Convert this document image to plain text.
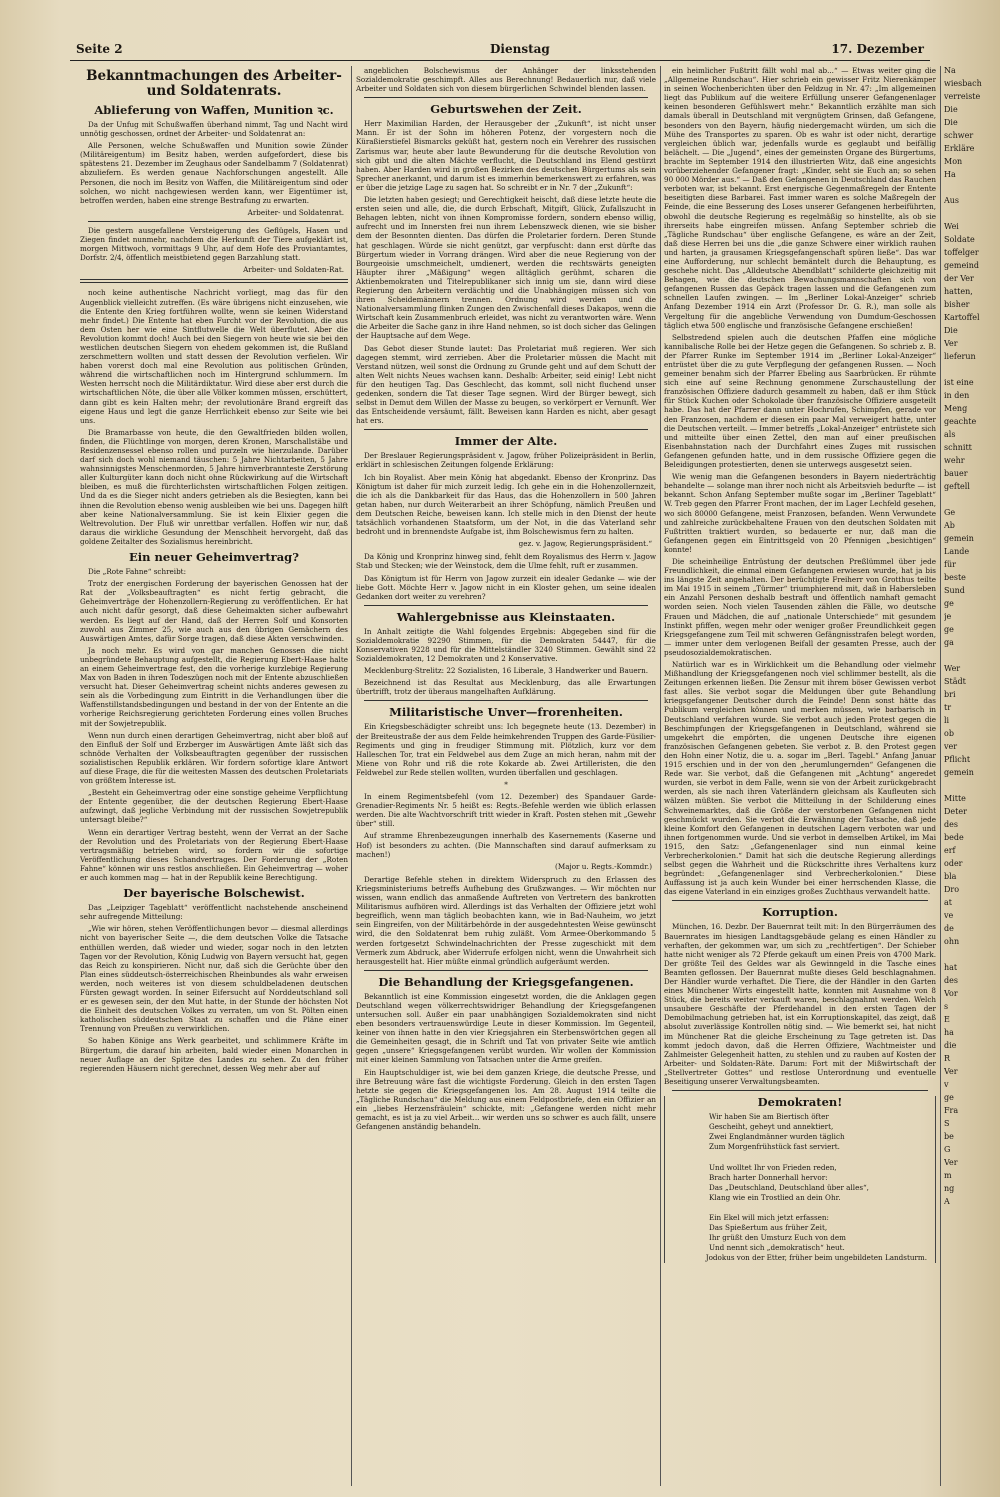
Seite 2	Dienstag	17. Dezember
Bekanntmachungen des Arbeiter- und Soldatenrats.
Ablieferung von Waffen, Munition ꝛc.

Da der Unfug mit Schußwaffen überhand nimmt, Tag und Nacht wird unnötig geschossen, ordnet der Arbeiter- und Soldatenrat an:

Alle Personen, welche Schußwaffen und Munition sowie Zünder (Militäreigentum) im Besitz haben, werden aufgefordert, diese bis spätestens 21. Dezember im Zeughaus oder Sandelbamm 7 (Soldatenrat) abzuliefern. Es werden genaue Nachforschungen angestellt. Alle Personen, die noch im Besitz von Waffen, die Militäreigentum sind oder solchen, wo nicht nachgewiesen werden kann, wer Eigentümer ist, betroffen werden, haben eine strenge Bestrafung zu erwarten.

Arbeiter- und Soldatenrat.

Die gestern ausgefallene Versteigerung des Geflügels, Hasen und Ziegen findet nunmehr, nachdem die Herkunft der Tiere aufgeklärt ist, morgen Mittwoch, vormittags 9 Uhr, auf dem Hofe des Proviantamtes, Dorfstr. 2/4, öffentlich meistbietend gegen Barzahlung statt.

Arbeiter- und Soldaten-Rat.

noch keine authentische Nachricht vorliegt, mag das für den Augenblick vielleicht zutreffen. (Es wäre übrigens nicht einzusehen, wie die Entente den Krieg fortführen wollte, wenn sie keinen Widerstand mehr findet.) Die Entente hat eben Furcht vor der Revolution, die aus dem Osten her wie eine Sintflutwelle die Welt überflutet. Aber die Revolution kommt doch! Auch bei den Siegern von heute wie sie bei den westlichen deutschen Siegern von ehedem gekommen ist, die Rußland zerschmettern wollten und statt dessen der Revolution verfielen. Wir haben vorerst doch mal eine Revolution aus politischen Gründen, während die wirtschaftlichen noch im Hintergrund schlummern. Im Westen herrscht noch die Militärdiktatur. Wird diese aber erst durch die wirtschaftlichen Nöte, die über alle Völker kommen müssen, erschüttert, dann gibt es kein Halten mehr; der revolutionäre Brand ergreift das eigene Haus und legt die ganze Herrlichkeit ebenso zur Seite wie bei uns.

Die Bramarbasse von heute, die den Gewaltfrieden bilden wollen, finden, die Flüchtlinge von morgen, deren Kronen, Marschallstäbe und Residenzensessel ebenso rollen und purzeln wie hierzulande. Darüber darf sich doch wohl niemand täuschen: 5 Jahre Nichtarbeiten, 5 Jahre wahnsinnigstes Menschenmorden, 5 Jahre hirnverbrannteste Zerstörung aller Kulturgüter kann doch nicht ohne Rückwirkung auf die Wirtschaft bleiben, es muß die fürchterlichsten wirtschaftlichen Folgen zeitigen. Und da es die Sieger nicht anders getrieben als die Besiegten, kann bei ihnen die Revolution ebenso wenig ausbleiben wie bei uns. Dagegen hilft aber keine Nationalversammlung. Sie ist kein Elixier gegen die Weltrevolution. Der Fluß wir unrettbar verfallen. Hoffen wir nur, daß daraus die wirkliche Gesundung der Menschheit hervorgeht, daß das goldene Zeitalter des Sozialismus hereinbricht.

Ein neuer Geheimvertrag?

Die „Rote Fahne“ schreibt:

Trotz der energischen Forderung der bayerischen Genossen hat der Rat der „Volksbeauftragten“ es nicht fertig gebracht, die Geheimverträge der Hohenzollern-Regierung zu veröffentlichen. Er hat auch nicht dafür gesorgt, daß diese Geheimakten sicher aufbewahrt werden. Es liegt auf der Hand, daß der Herren Solf und Konsorten zuwohl aus Zimmer 25, wie auch aus den übrigen Gemächern des Auswärtigen Amtes, dafür Sorge tragen, daß diese Akten verschwinden.

Ja noch mehr. Es wird von gar manchen Genossen die nicht unbegründete Behauptung aufgestellt, die Regierung Ebert-Haase halte an einem Geheimvertrage fest, den die vorherige kurzlebige Regierung Max von Baden in ihren Todeszügen noch mit der Entente abzuschließen versucht hat. Dieser Geheimvertrag scheint nichts anderes gewesen zu sein als die Vorbedingung zum Eintritt in die Verhandlungen über die Waffenstillstandsbedingungen und bestand in der von der Entente an die vorherige Reichsregierung gerichteten Forderung eines vollen Bruches mit der Sowjetrepublik.

Wenn nun durch einen derartigen Geheimvertrag, nicht aber bloß auf den Einfluß der Solf und Erzberger im Auswärtigen Amte läßt sich das schnöde Verhalten der Volksbeauftragten gegenüber der russischen sozialistischen Republik erklären. Wir fordern sofortige klare Antwort auf diese Frage, die für die weitesten Massen des deutschen Proletariats von größtem Interesse ist.

„Besteht ein Geheimvertrag oder eine sonstige geheime Verpflichtung der Entente gegenüber, die der deutschen Regierung Ebert-Haase aufzwingt, daß jegliche Verbindung mit der russischen Sowjetrepublik untersagt bleibe?“

Wenn ein derartiger Vertrag besteht, wenn der Verrat an der Sache der Revolution und des Proletariats von der Regierung Ebert-Haase vertragsmäßig betrieben wird, so fordern wir die sofortige Veröffentlichung dieses Schandvertrages. Der Forderung der „Roten Fahne“ können wir uns restlos anschließen. Ein Geheimvertrag — woher er auch kommen mag — hat in der Republik keine Berechtigung.

Der bayerische Bolschewist.

Das „Leipziger Tageblatt“ veröffentlicht nachstehende anscheinend sehr aufregende Mitteilung:

„Wie wir hören, stehen Veröffentlichungen bevor — diesmal allerdings nicht von bayerischer Seite —, die dem deutschen Volke die Tatsache enthüllen werden, daß wieder und wieder, sogar noch in den letzten Tagen vor der Revolution, König Ludwig von Bayern versucht hat, gegen das Reich zu konspirieren. Nicht nur, daß sich die Gerüchte über den Plan eines süddeutsch-österreichischen Rheinbundes als wahr erweisen werden, noch weiteres ist von diesem schuldbeladenen deutschen Fürsten gewagt worden. In seiner Eifersucht auf Norddeutschland soll er es gewesen sein, der den Mut hatte, in der Stunde der höchsten Not die Einheit des deutschen Volkes zu verraten, um von St. Pölten einen katholischen süddeutschen Staat zu schaffen und die Pläne einer Trennung von Preußen zu verwirklichen.

So haben Könige ans Werk gearbeitet, und schlimmere Kräfte im Bürgertum, die darauf hin arbeiten, bald wieder einen Monarchen in neuer Auflage an der Spitze des Landes zu sehen. Zu den früher regierenden Häusern nicht gerechnet, dessen Weg mehr aber auf

angeblichen Bolschewismus der Anhänger der linksstehenden Sozialdemokratie geschimpft. Alles aus Berechnung! Bedauerlich nur, daß viele Arbeiter und Soldaten sich von diesem bürgerlichen Schwindel blenden lassen.

Geburtswehen der Zeit.

Herr Maximilian Harden, der Herausgeber der „Zukunft“, ist nicht unser Mann. Er ist der Sohn im höheren Potenz, der vorgestern noch die Küraßierstiefel Bismarcks geküßt hat, gestern noch ein Verehrer des russischen Zarismus war, heute aber laute Bewunderung für die deutsche Revolution von sich gibt und die alten Mächte verflucht, die Deutschland ins Elend gestürzt haben. Aber Harden wird in großen Bezirken des deutschen Bürgertums als sein Sprecher anerkannt, und darum ist es immerhin bemerkenswert zu erfahren, was er über die jetzige Lage zu sagen hat. So schreibt er in Nr. 7 der „Zukunft“:

Die letzten haben gesiegt; und Gerechtigkeit heischt, daß diese letzte heute die ersten seien und alle, die, die durch Erbschaft, Mitgift, Glück, Zufallszucht in Behagen lebten, nicht von ihnen Kompromisse fordern, sondern ebenso willig, aufrecht und im Innersten frei nun ihrem Lebenszweck dienen, wie sie bisher dem der Besonnten dienten. Das dürfen die Proletarier fordern. Deren Stunde hat geschlagen. Würde sie nicht genützt, gar verpfuscht: dann erst dürfte das Bürgertum wieder in Vorrang drängen. Wird aber die neue Regierung von der Bourgeoisie umschmeichelt, umdienert, werden die rechtswärts geneigten Häupter ihrer „Mäßigung“ wegen alltäglich gerühmt, scharen die Aktienbemokraten und Titelrepublikaner sich innig um sie, dann wird diese Regierung den Arbeitern verdächtig und die Unabhängigen müssen sich von ihren Scheidemännern trennen. Ordnung wird werden und die Nationalversammlung flinken Zungen den Zwischenfall dieses Dakapos, wenn die Wirtschaft kein Zusammenbruch erleidet, was nicht zu verantworten wäre. Wenn die Arbeiter die Sache ganz in ihre Hand nehmen, so ist doch sicher das Gelingen der Hauptsache auf dem Wege.

Das Gebot dieser Stunde lautet: Das Proletariat muß regieren. Wer sich dagegen stemmt, wird zerrieben. Aber die Proletarier müssen die Macht mit Verstand nützen, weil sonst die Ordnung zu Grunde geht und auf dem Schutt der alten Welt nichts Neues wachsen kann. Deshalb: Arbeiter, seid einig! Lebt nicht für den heutigen Tag. Das Geschlecht, das kommt, soll nicht fluchend unser gedenken, sondern die Tat dieser Tage segnen. Wird der Bürger bewegt, sich selbst in Demut dem Willen der Masse zu beugen, so verkörpert er Vernunft. Wer das Entscheidende versäumt, fällt. Beweisen kann Harden es nicht, aber gesagt hat ers.

Immer der Alte.

Der Breslauer Regierungspräsident v. Jagow, früher Polizeipräsident in Berlin, erklärt in schlesischen Zeitungen folgende Erklärung:

Ich bin Royalist. Aber mein König hat abgedankt. Ebenso der Kronprinz. Das Königtum ist daher für mich zurzeit ledig. Ich gehe ein in die Hohenzollernzeit, die ich als die Dankbarkeit für das Haus, das die Hohenzollern in 500 Jahren getan haben, nur durch Weiterarbeit an ihrer Schöpfung, nämlich Preußen und dem Deutschen Reiche, beweisen kann. Ich stelle mich in den Dienst der heute tatsächlich vorhandenen Staatsform, um der Not, in die das Vaterland sehr bedroht und in brennendste Aufgabe ist, ihm Bolschewismus fern zu halten.

gez. v. Jagow, Regierungspräsident.“

Da König und Kronprinz hinweg sind, fehlt dem Royalismus des Herrn v. Jagow Stab und Stecken; wie der Weinstock, dem die Ulme fehlt, ruft er zusammen.

Das Königtum ist für Herrn von Jagow zurzeit ein idealer Gedanke — wie der liebe Gott. Möchte Herr v. Jagow nicht in ein Kloster gehen, um seine idealen Gedanken dort weiter zu verehren?

Wahlergebnisse aus Kleinstaaten.

In Anhalt zeitigte die Wahl folgendes Ergebnis: Abgegeben sind für die Sozialdemokratie 92290 Stimmen, für die Demokraten 54447, für die Konservativen 9228 und für die Mittelständler 3240 Stimmen. Gewählt sind 22 Sozialdemokraten, 12 Demokraten und 2 Konservative.

Mecklenburg-Strelitz: 22 Sozialisten, 16 Liberale, 3 Handwerker und Bauern.

Bezeichnend ist das Resultat aus Mecklenburg, das alle Erwartungen übertrifft, trotz der überaus mangelhaften Aufklärung.

Militaristische Unver—frorenheiten.

Ein Kriegsbeschädigter schreibt uns: Ich begegnete heute (13. Dezember) in der Breiteustraße der aus dem Felde heimkehrenden Truppen des Garde-Füsilier-Regiments und ging in freudiger Stimmung mit. Plötzlich, kurz vor dem Halleschen Tor, trat ein Feldwebel aus dem Zuge an mich heran, nahm mit der Miene von Rohr und riß die rote Kokarde ab. Zwei Artilleristen, die den Feldwebel zur Rede stellen wollten, wurden überfallen und geschlagen.

*

In einem Regimentsbefehl (vom 12. Dezember) des Spandauer Garde-Grenadier-Regiments Nr. 5 heißt es: Regts.-Befehle werden wie üblich erlassen werden. Die alte Wachtvorschrift tritt wieder in Kraft. Posten stehen mit „Gewehr über“ still.

Auf stramme Ehrenbezeugungen innerhalb des Kasernements (Kaserne und Hof) ist besonders zu achten. (Die Mannschaften sind darauf aufmerksam zu machen!)

(Major u. Regts.-Kommdr.)

Derartige Befehle stehen in direktem Widerspruch zu den Erlassen des Kriegsministeriums betreffs Aufhebung des Grußzwanges. — Wir möchten nur wissen, wann endlich das anmaßende Auftreten von Vertretern des bankrotten Militarismus aufhören wird. Allerdings ist das Verhalten der Offiziere jetzt wohl begreiflich, wenn man täglich beobachten kann, wie in Bad-Nauheim, wo jetzt sein Eingreifen, von der Militärbehörde in der ausgedehntesten Weise gewünscht wird, die den Soldatenrat bem ruhig zuläßt. Vom Armee-Oberkommando 5 werden fortgesetzt Schwindelnachrichten der Presse zugeschickt mit dem Vermerk zum Abdruck, aber Widerrufe erfolgen nicht, wenn die Unwahrheit sich herausgestellt hat. Hier müßte einmal gründlich aufgeräumt werden.

Die Behandlung der Kriegsgefangenen.

Bekanntlich ist eine Kommission eingesetzt worden, die die Anklagen gegen Deutschland wegen völkerrechtswidriger Behandlung der Kriegsgefangenen untersuchen soll. Außer ein paar unabhängigen Sozialdemokraten sind nicht eben besonders vertrauenswürdige Leute in dieser Kommission. Im Gegenteil, keiner von ihnen hatte in den vier Kriegsjahren ein Sterbenswörtchen gegen all die Gemeinheiten gesagt, die in Schrift und Tat von privater Seite wie amtlich gegen „unsere“ Kriegsgefangenen verübt wurden. Wir wollen der Kommission mit einer kleinen Sammlung von Tatsachen unter die Arme greifen.

Ein Hauptschuldiger ist, wie bei dem ganzen Kriege, die deutsche Presse, und ihre Betreuung wäre fast die wichtigste Forderung. Gleich in den ersten Tagen hetzte sie gegen die Kriegsgefangenen los. Am 28. August 1914 teilte die „Tägliche Rundschau“ die Meldung aus einem Feldpostbriefe, den ein Offizier an ein „liebes Herzensfräulein“ schickte, mit: „Gefangene werden nicht mehr gemacht, es ist ja zu viel Arbeit... wir werden uns so schwer es auch fällt, unsere Gefangenen anständig behandeln.

ein heimlicher Fußtritt fällt wohl mal ab...“ — Etwas weiter ging die „Allgemeine Rundschau“. Hier schrieb ein gewisser Fritz Nierenkämper in seinen Wochenberichten über den Feldzug in Nr. 47: „Im allgemeinen liegt das Publikum auf die weitere Erfüllung unserer Gefangenenlager keinen besonderen Gefühlswert mehr.“ Bekanntlich erzählte man sich damals überall in Deutschland mit vergnügtem Grinsen, daß Gefangene, besonders von den Bayern, häufig niedergemacht würden, um sich die Mühe des Transportes zu sparen. Ob es wahr ist oder nicht, derartige vergleichen üblich war, jedenfalls wurde es geglaubt und beifällig belächelt. — Die „Jugend“, eines der gemeinsten Organe des Bürgertums, brachte im September 1914 den illustrierten Witz, daß eine angesichts vorüberziehender Gefangener fragt: „Kinder, seht sie Euch an; so sehen 90 000 Mörder aus.“ — Daß den Gefangenen in Deutschland das Rauchen verboten war, ist bekannt. Erst energische Gegenmaßregeln der Entente beseitigten diese Barbarei. Fast immer waren es solche Maßregeln der Feinde, die eine Besserung des Loses unserer Gefangenen herbeiführten, obwohl die deutsche Regierung es regelmäßig so hinstellte, als ob sie ihrerseits habe eingreifen müssen. Anfang September schrieb die „Tägliche Rundschau“ über englische Gefangene, es wäre an der Zeit, daß diese Herren bei uns die „die ganze Schwere einer wirklich rauhen und harten, ja grausamen Kriegsgefangenschaft spüren ließe“. Das war eine Aufforderung, nur schlecht bemäntelt durch die Behauptung, es geschehe nicht. Das „Alldeutsche Abendblatt“ schilderte gleichzeitig mit Behagen, wie die deutschen Bewachungsmannschaften sich von gefangenen Russen das Gepäck tragen lassen und die Gefangenen zum schnellen Laufen zwingen. — Im „Berliner Lokal-Anzeiger“ schrieb Anfang Dezember 1914 ein Arzt (Professor Dr. G. R.), man solle als Vergeltung für die angebliche Verwendung von Dumdum-Geschossen täglich etwa 500 englische und französische Gefangene erschießen!

Selbstredend spielen auch die deutschen Pfaffen eine mögliche kannibalische Rolle bei der Hetze gegen die Gefangenen. So schrieb z. B. der Pfarrer Runke im September 1914 im „Berliner Lokal-Anzeiger“ entrüstet über die zu gute Verpflegung der gefangenen Russen. — Noch gemeiner benahm sich der Pfarrer Ebeling aus Saarbrücken. Er rühmte sich eine auf seine Rechnung genommene Zurschaustellung der französischen Offiziere dadurch gesammelt zu haben, daß er ihm Stück für Stück Kuchen oder Schokolade über französische Offiziere ausgeteilt habe. Das hat der Pfarrer dann unter Hochrufen, Schimpfen, gerade vor den Franzosen, nachdem er diesen ein paar Mal verweigert hatte, unter die Deutschen verteilt. — Immer betreffs „Lokal-Anzeiger“ entrüstete sich und mitteilte über einen Zettel, den man auf einer preußischen Eisenbahnstation nach der Durchfahrt eines Zuges mit russischen Gefangenen gefunden hatte, und in dem russische Offiziere gegen die Beleidigungen protestierten, denen sie unterwegs ausgesetzt seien.

Wie wenig man die Gefangenen besonders in Bayern niederträchtig behandelte — solange man ihrer noch nicht als Arbeitsvieh bedurfte — ist bekannt. Schon Anfang September mußte sogar im „Berliner Tageblatt“ W. Treb gegen den Pfarrer Front machen, der im Lager Lechfeld gesehen, wo sich 80000 Gefangene, meist Franzosen, befanden. Wenn Verwundete und zahlreiche zurückbehaltene Frauen von den deutschen Soldaten mit Fußtritten traktiert wurden, so bedauerte er nur, daß man die Gefangenen gegen ein Eintrittsgeld von 20 Pfennigen „besichtigen“ konnte!

Die scheinheilige Entrüstung der deutschen Preßlümmel über jede Freundlichkeit, die einmal einem Gefangenen erwiesen wurde, hat ja bis ins längste Zeit angehalten. Der berüchtigte Freiherr von Grotthus teilte im Mai 1915 in seinem „Türmer“ triumphierend mit, daß in Habersleben ein Anzahl Personen deshalb bestraft und öffentlich namhaft gemacht worden seien. Noch vielen Tausenden zählen die Fälle, wo deutsche Frauen und Mädchen, die auf „nationale Unterschiede“ mit gesundem Instinkt pfiffen, wegen mehr oder weniger großer Freundlichkeit gegen Kriegsgefangene zum Teil mit schweren Gefängnisstrafen belegt worden, — immer unter dem verlogenen Beifall der gesamten Presse, auch der pseudosozialdemokratischen.

Natürlich war es in Wirklichkeit um die Behandlung oder vielmehr Mißhandlung der Kriegsgefangenen noch viel schlimmer bestellt, als die Zeitungen erkennen ließen. Die Zensur mit ihrem böser Gewissen verbot fast alles. Sie verbot sogar die Meldungen über gute Behandlung kriegsgefangener Deutscher durch die Feinde! Denn sonst hätte das Publikum vergleichen können und merken müssen, wie barbarisch in Deutschland verfahren wurde. Sie verbot auch jeden Protest gegen die Beschimpfungen der Kriegsgefangenen in Deutschland, während sie umgekehrt die empörten, die ungenen Deutsche ihre eigenen französischen Gefangenen gebeten. Sie verbot z. B. den Protest gegen den Hohn einer Notiz, die u. a. sogar im „Berl. Tagebl.“ Anfang Januar 1915 erschien und in der von den „herumlungernden“ Gefangenen die Rede war. Sie verbot, daß die Gefangenen mit „Achtung“ angeredet wurden, sie verbot in dem Falle, wenn sie von der Arbeit zurückgebracht werden, als sie nach ihren Vaterländern gleichsam als Kaufleuten sich wälzen müßten. Sie verbot die Mitteilung in der Schilderung eines Schweinemarktes, daß die Größe der verstorbenen Gefangenen nicht geschmückt wurden. Sie verbot die Erwähnung der Tatsache, daß jede kleine Komfort den Gefangenen in deutschen Lagern verboten war und ihnen fortgenommen wurde. Und sie verbot in demselben Artikel, im Mai 1915, den Satz: „Gefangenenlager sind nun einmal keine Verbrecherkolonien.“ Damit hat sich die deutsche Regierung allerdings selbst gegen die Wahrheit und die Rückschritte ihres Verhaltens kurz begründet: „Gefangenenlager sind Verbrecherkolonien.“ Diese Auffassung ist ja auch kein Wunder bei einer herrschenden Klasse, die das eigene Vaterland in ein einziges großes Zuchthaus verwandelt hatte.

Korruption.

München, 16. Dezbr. Der Bauernrat teilt mit: In den Bürgerräumen des Bauernrates im hiesigen Landtagsgebäude gelang es einen Händler zu verhaften, der gekommen war, um sich zu „rechtfertigen“. Der Schieber hatte nicht weniger als 72 Pferde gekauft um einen Preis von 4700 Mark. Der größte Teil des Geldes war als Gewinngeld in die Tasche eines Beamten geflossen. Der Bauernrat mußte dieses Geld beschlagnahmen. Der Händler wurde verhaftet. Die Tiere, die der Händler in den Garten eines Münchener Wirts eingestellt hatte, konnten mit Ausnahme von 8 Stück, die bereits weiter verkauft waren, beschlagnahmt werden. Welch unsaubere Geschäfte der Pferdehandel in den ersten Tagen der Demobilmachung getrieben hat, ist ein Korruptionskapitel, das zeigt, daß absolut zuverlässige Kontrollen nötig sind. — Wie bemerkt sei, hat nicht im Münchener Rat die gleiche Erscheinung zu Tage getreten ist. Das kommt jedoch davon, daß die Herren Offiziere, Wachtmeister und Zahlmeister Gelegenheit hatten, zu stehlen und zu rauben auf Kosten der Arbeiter- und Soldaten-Räte. Darum: Fort mit der Mißwirtschaft der „Stellvertreter Gottes“ und restlose Unterordnung und eventuelle Beseitigung unserer Verwaltungsbeamten.

Demokraten!

Wir haben Sie am Biertisch öfter

Gescheiht, geheyt und annektiert,

Zwei Englandmänner wurden täglich

Zum Morgenfrühstück fast serviert.

Und wolltet Ihr von Frieden reden,

Brach harter Donnerhall hervor:

Das „Deutschland, Deutschland über alles“,

Klang wie ein Trostlied an dein Ohr.

Ein Ekel will mich jetzt erfassen:

Das Spießertum aus früher Zeit,

Ihr grüßt den Umsturz Euch von dem

Und nennt sich „demokratisch“ heut.

Jodokus von der Etter, früher beim ungebildeten Landsturm.

Na

wiesbach

verreiste

Die

Die

schwer

Erkläre

Mon

Ha

Aus

Wei

Soldate

toffelger

gemeind

der Ver

hatten,

bisher

Kartoffel

Die

Ver

lieferun

ist eine

in den

Meng

geachte

als

schnitt

wehr

bauer

geftell

Ge

Ab

gemein

Lande

für

beste

Sund

ge

je

ge

ga

Wer

Städt

bri

tr

li

ob

ver

Pflicht

gemein

Mitte

Deter

des

bede

erf

oder

bla

Dro

at

ve

de

ohn

hat

des

Vor

s

E

ha

die

R

Ver

v

ge

Fra

S

be

G

Ver

m

ng

A
